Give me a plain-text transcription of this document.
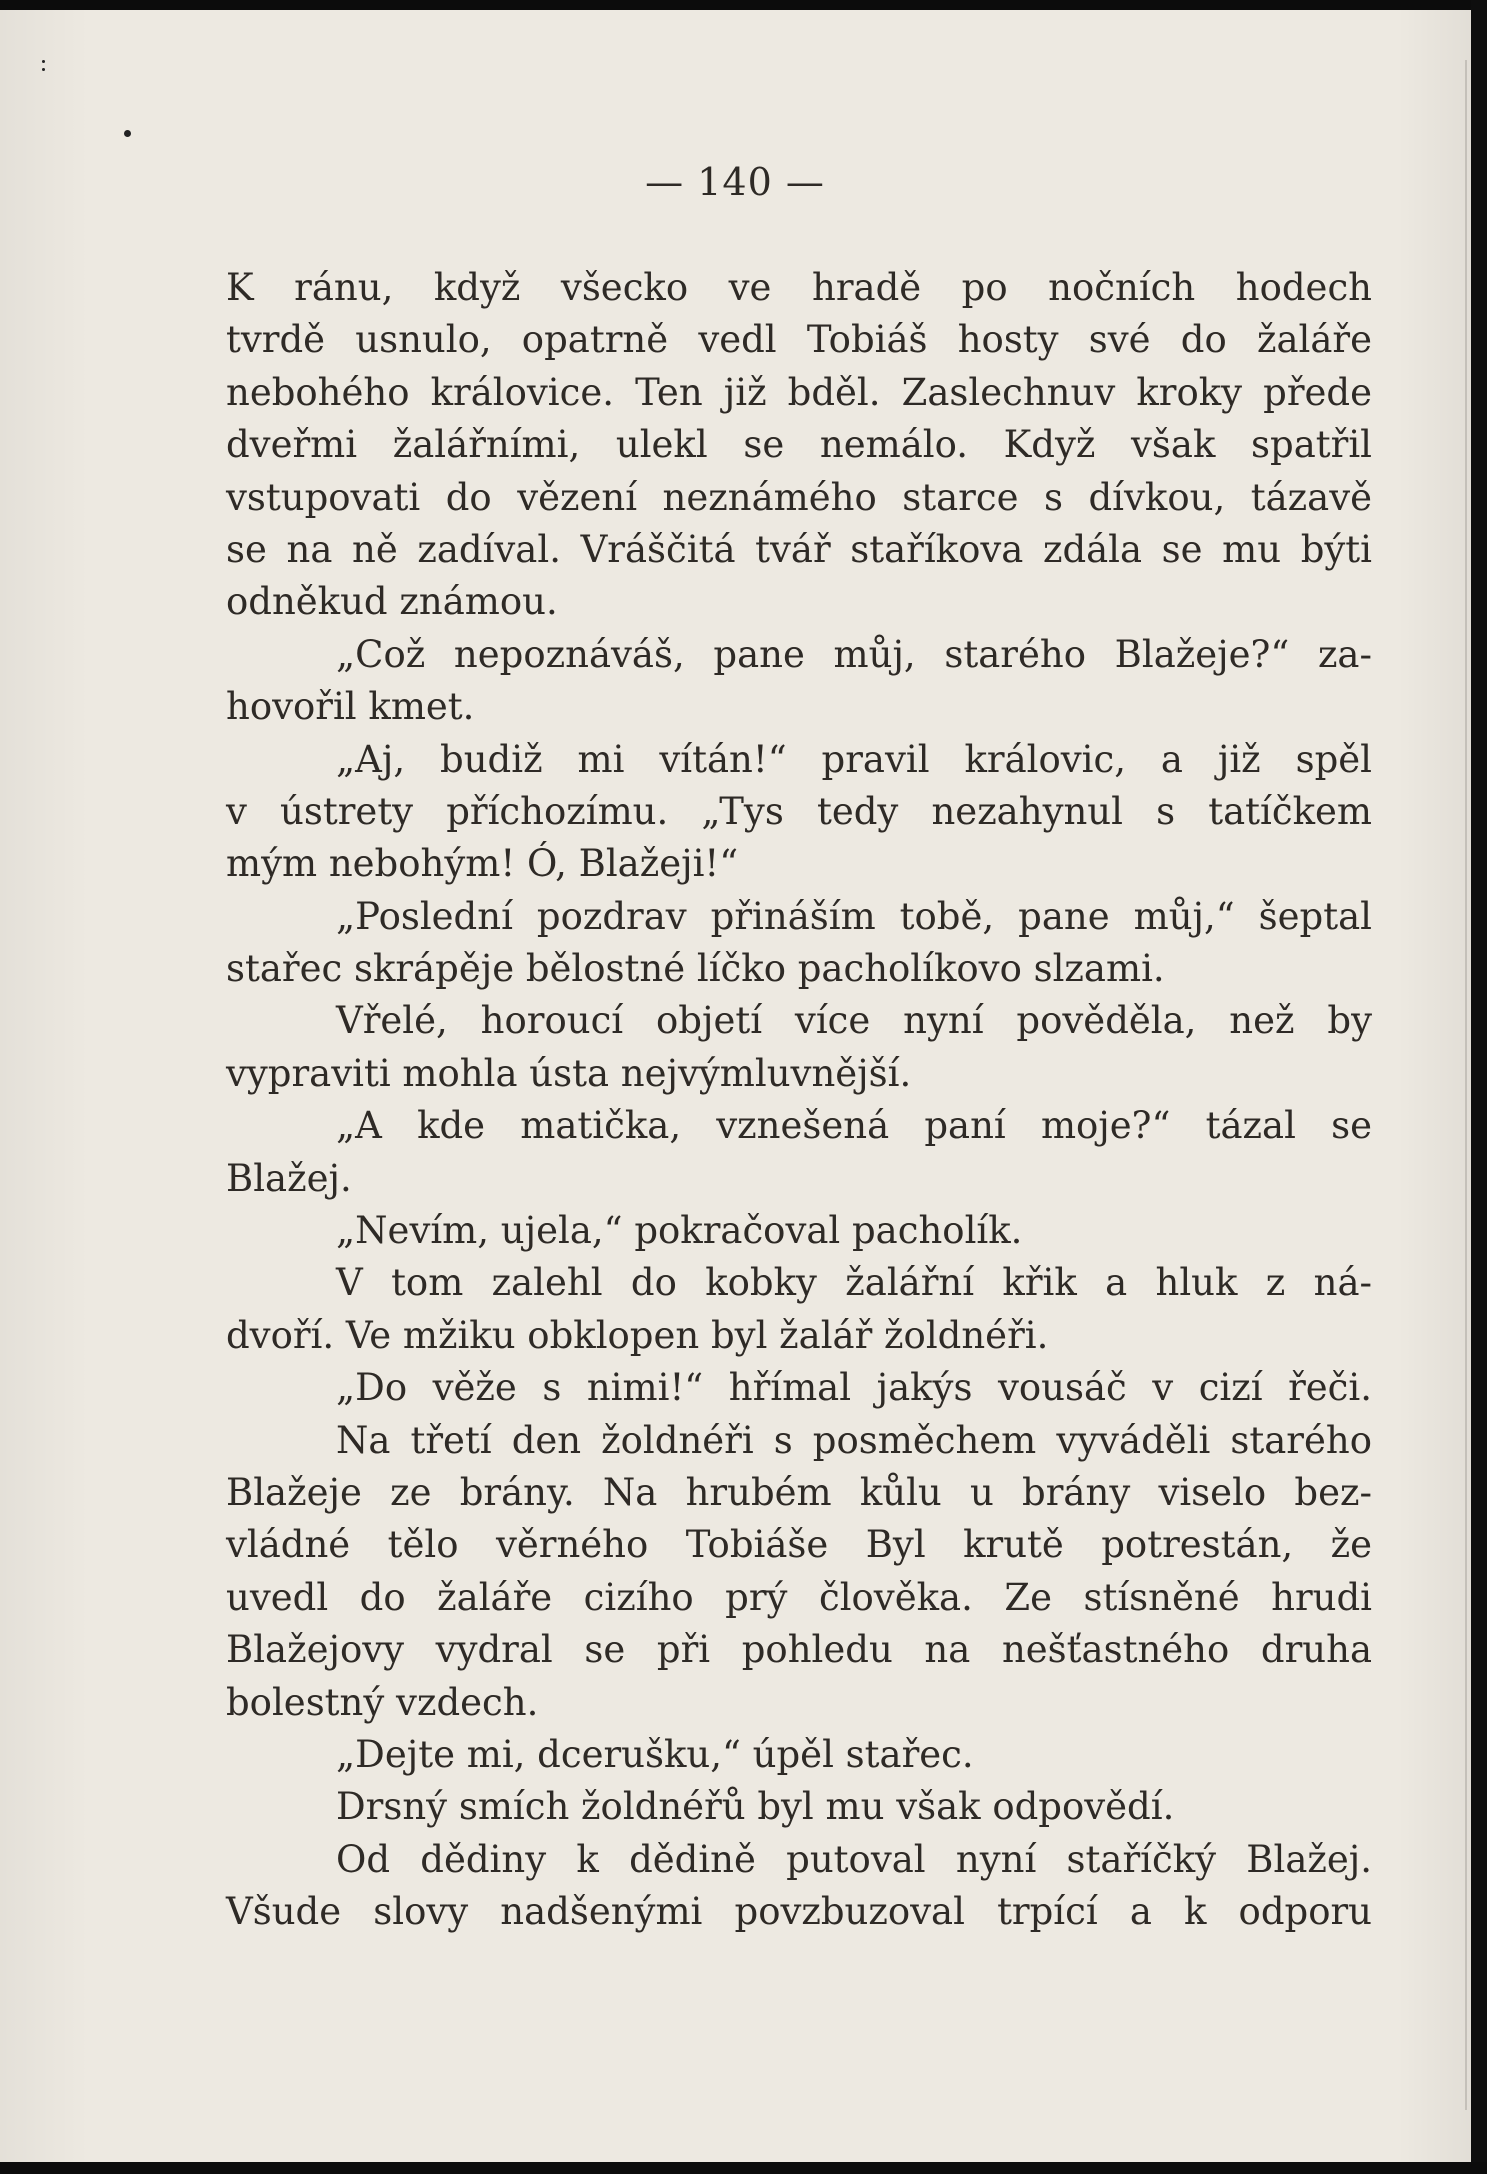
— 140 —
K ránu, když všecko ve hradě po nočních hodech
tvrdě usnulo, opatrně vedl Tobiáš hosty své do žaláře
nebohého královice. Ten již bděl. Zaslechnuv kroky přede
dveřmi žalářními, ulekl se nemálo. Když však spatřil
vstupovati do vězení neznámého starce s dívkou, tázavě
se na ně zadíval. Vráščitá tvář staříkova zdála se mu býti
odněkud známou.
„Což nepoznáváš, pane můj, starého Blažeje?“ za-
hovořil kmet.
„Aj, budiž mi vítán!“ pravil královic, a již spěl
v ústrety příchozímu. „Tys tedy nezahynul s tatíčkem
mým nebohým! Ó, Blažeji!“
„Poslední pozdrav přináším tobě, pane můj,“ šeptal
stařec skrápěje bělostné líčko pacholíkovo slzami.
Vřelé, horoucí objetí více nyní pověděla, než by
vypraviti mohla ústa nejvýmluvnější.
„A kde matička, vznešená paní moje?“ tázal se
Blažej.
„Nevím, ujela,“ pokračoval pacholík.
V tom zalehl do kobky žalářní křik a hluk z ná-
dvoří. Ve mžiku obklopen byl žalář žoldnéři.
„Do věže s nimi!“ hřímal jakýs vousáč v cizí řeči.
Na třetí den žoldnéři s posměchem vyváděli starého
Blažeje ze brány. Na hrubém kůlu u brány viselo bez-
vládné tělo věrného Tobiáše Byl krutě potrestán, že
uvedl do žaláře cizího prý člověka. Ze stísněné hrudi
Blažejovy vydral se při pohledu na nešťastného druha
bolestný vzdech.
„Dejte mi, dcerušku,“ úpěl stařec.
Drsný smích žoldnéřů byl mu však odpovědí.
Od dědiny k dědině putoval nyní staříčký Blažej.
Všude slovy nadšenými povzbuzoval trpící a k odporu
